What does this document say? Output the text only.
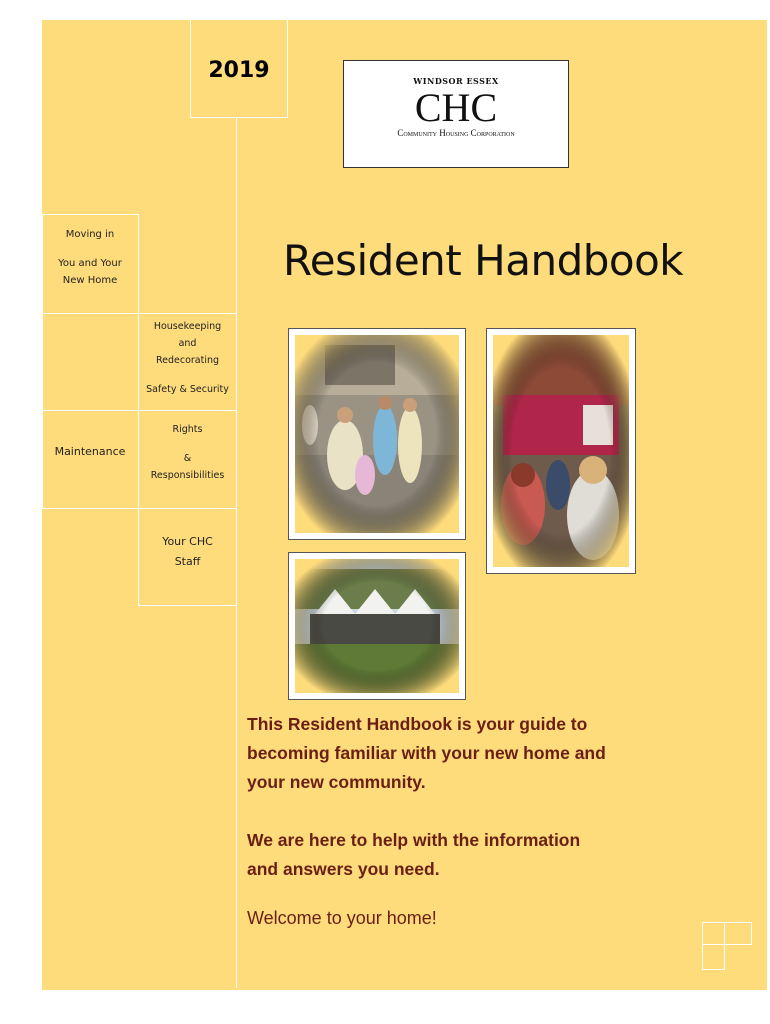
2019	WINDSOR ESSEX
CHC
Community Housing Corporation

Moving in

You and Your

New Home

Housekeeping

and

Redecorating

Safety & Security

Maintenance

Rights

&

Responsibilities

Your CHC

Staff

Resident Handbook

This Resident Handbook is your guide to

becoming familiar with your new home and

your new community.

We are here to help with the information

and answers you need.

Welcome to your home!
